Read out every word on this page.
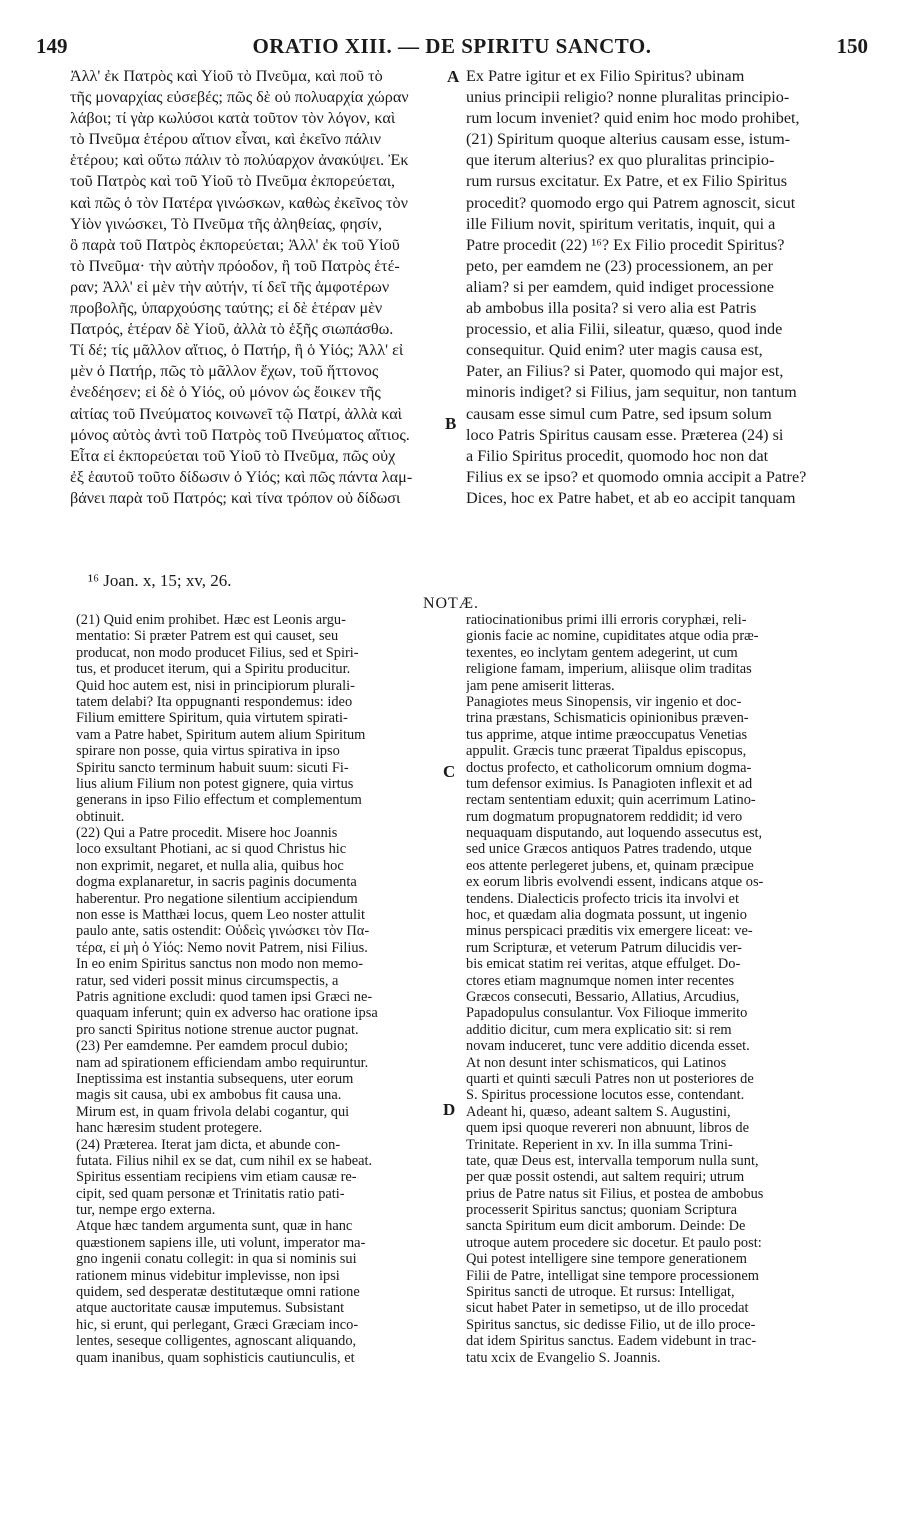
149	ORATIO XIII. — DE SPIRITU SANCTO.	150
Ἀλλ' ἐκ Πατρὸς καὶ Υἱοῦ τὸ Πνεῦμα, καὶ ποῦ τὸ
τῆς μοναρχίας εὐσεβές; πῶς δὲ οὐ πολυαρχία χώραν
λάβοι; τί γὰρ κωλύσοι κατὰ τοῦτον τὸν λόγον, καὶ
τὸ Πνεῦμα ἑτέρου αἴτιον εἶναι, καὶ ἐκεῖνο πάλιν
ἑτέρου; καὶ οὕτω πάλιν τὸ πολύαρχον ἀνακύψει. Ἐκ
τοῦ Πατρὸς καὶ τοῦ Υἱοῦ τὸ Πνεῦμα ἐκπορεύεται,
καὶ πῶς ὁ τὸν Πατέρα γινώσκων, καθὼς ἐκεῖνος τὸν
Υἱὸν γινώσκει, Τὸ Πνεῦμα τῆς ἀληθείας, φησίν,
ὃ παρὰ τοῦ Πατρὸς ἐκπορεύεται; Ἀλλ' ἐκ τοῦ Υἱοῦ
τὸ Πνεῦμα· τὴν αὐτὴν πρόοδον, ἢ τοῦ Πατρὸς ἑτέ-
ραν; Ἀλλ' εἰ μὲν τὴν αὐτήν, τί δεῖ τῆς ἀμφοτέρων
προβολῆς, ὑπαρχούσης ταύτης; εἰ δὲ ἑτέραν μὲν
Πατρός, ἑτέραν δὲ Υἱοῦ, ἀλλὰ τὸ ἑξῆς σιωπάσθω.
Τί δέ; τίς μᾶλλον αἴτιος, ὁ Πατήρ, ἢ ὁ Υἱός; Ἀλλ' εἰ
μὲν ὁ Πατήρ, πῶς τὸ μᾶλλον ἔχων, τοῦ ἥττονος
ἐνεδέησεν; εἰ δὲ ὁ Υἱός, οὐ μόνον ὡς ἔοικεν τῆς
αἰτίας τοῦ Πνεύματος κοινωνεῖ τῷ Πατρί, ἀλλὰ καὶ
μόνος αὐτὸς ἀντὶ τοῦ Πατρὸς τοῦ Πνεύματος αἴτιος.
Εἶτα εἰ ἐκπορεύεται τοῦ Υἱοῦ τὸ Πνεῦμα, πῶς οὐχ
ἐξ ἑαυτοῦ τοῦτο δίδωσιν ὁ Υἱός; καὶ πῶς πάντα λαμ-
βάνει παρὰ τοῦ Πατρός; καὶ τίνα τρόπον οὐ δίδωσι
Ex Patre igitur et ex Filio Spiritus? ubinam
unius principii religio? nonne pluralitas principio-
rum locum inveniet? quid enim hoc modo prohibet,
(21) Spiritum quoque alterius causam esse, istum-
que iterum alterius? ex quo pluralitas principio-
rum rursus excitatur. Ex Patre, et ex Filio Spiritus
procedit? quomodo ergo qui Patrem agnoscit, sicut
ille Filium novit, spiritum veritatis, inquit, qui a
Patre procedit (22) ¹⁶? Ex Filio procedit Spiritus?
peto, per eamdem ne (23) processionem, an per
aliam? si per eamdem, quid indiget processione
ab ambobus illa posita? si vero alia est Patris
processio, et alia Filii, sileatur, quæso, quod inde
consequitur. Quid enim? uter magis causa est,
Pater, an Filius? si Pater, quomodo qui major est,
minoris indiget? si Filius, jam sequitur, non tantum
causam esse simul cum Patre, sed ipsum solum
loco Patris Spiritus causam esse. Præterea (24) si
a Filio Spiritus procedit, quomodo hoc non dat
Filius ex se ipso? et quomodo omnia accipit a Patre?
Dices, hoc ex Patre habet, et ab eo accipit tanquam
A
B
C
D
¹⁶ Joan. x, 15; xv, 26.
NOTÆ.
(21) Quid enim prohibet. Hæc est Leonis argu-
mentatio: Si præter Patrem est qui causet, seu
producat, non modo producet Filius, sed et Spiri-
tus, et producet iterum, qui a Spiritu producitur.
Quid hoc autem est, nisi in principiorum plurali-
tatem delabi? Ita oppugnanti respondemus: ideo
Filium emittere Spiritum, quia virtutem spirati-
vam a Patre habet, Spiritum autem alium Spiritum
spirare non posse, quia virtus spirativa in ipso
Spiritu sancto terminum habuit suum: sicuti Fi-
lius alium Filium non potest gignere, quia virtus
generans in ipso Filio effectum et complementum
obtinuit.
(22) Qui a Patre procedit. Misere hoc Joannis
loco exsultant Photiani, ac si quod Christus hic
non exprimit, negaret, et nulla alia, quibus hoc
dogma explanaretur, in sacris paginis documenta
haberentur. Pro negatione silentium accipiendum
non esse is Matthæi locus, quem Leo noster attulit
paulo ante, satis ostendit: Οὐδεὶς γινώσκει τὸν Πα-
τέρα, εἰ μὴ ὁ Υἱός: Nemo novit Patrem, nisi Filius.
In eo enim Spiritus sanctus non modo non memo-
ratur, sed videri possit minus circumspectis, a
Patris agnitione excludi: quod tamen ipsi Græci ne-
quaquam inferunt; quin ex adverso hac oratione ipsa
pro sancti Spiritus notione strenue auctor pugnat.
(23) Per eamdemne. Per eamdem procul dubio;
nam ad spirationem efficiendam ambo requiruntur.
Ineptissima est instantia subsequens, uter eorum
magis sit causa, ubi ex ambobus fit causa una.
Mirum est, in quam frivola delabi cogantur, qui
hanc hæresim student protegere.
(24) Præterea. Iterat jam dicta, et abunde con-
futata. Filius nihil ex se dat, cum nihil ex se habeat.
Spiritus essentiam recipiens vim etiam causæ re-
cipit, sed quam personæ et Trinitatis ratio pati-
tur, nempe ergo externa.
Atque hæc tandem argumenta sunt, quæ in hanc
quæstionem sapiens ille, uti volunt, imperator ma-
gno ingenii conatu collegit: in qua si nominis sui
rationem minus videbitur implevisse, non ipsi
quidem, sed desperatæ destitutæque omni ratione
atque auctoritate causæ imputemus. Subsistant
hic, si erunt, qui perlegant, Græci Græciam inco-
lentes, seseque colligentes, agnoscant aliquando,
quam inanibus, quam sophisticis cautiunculis, et
ratiocinationibus primi illi erroris coryphæi, reli-
gionis facie ac nomine, cupiditates atque odia præ-
texentes, eo inclytam gentem adegerint, ut cum
religione famam, imperium, aliisque olim traditas
jam pene amiserit litteras.
Panagiotes meus Sinopensis, vir ingenio et doc-
trina præstans, Schismaticis opinionibus præven-
tus apprime, atque intime præoccupatus Venetias
appulit. Græcis tunc præerat Tipaldus episcopus,
doctus profecto, et catholicorum omnium dogma-
tum defensor eximius. Is Panagioten inflexit et ad
rectam sententiam eduxit; quin acerrimum Latino-
rum dogmatum propugnatorem reddidit; id vero
nequaquam disputando, aut loquendo assecutus est,
sed unice Græcos antiquos Patres tradendo, utque
eos attente perlegeret jubens, et, quinam præcipue
ex eorum libris evolvendi essent, indicans atque os-
tendens. Dialecticis profecto tricis ita involvi et
hoc, et quædam alia dogmata possunt, ut ingenio
minus perspicaci præditis vix emergere liceat: ve-
rum Scripturæ, et veterum Patrum dilucidis ver-
bis emicat statim rei veritas, atque effulget. Do-
ctores etiam magnumque nomen inter recentes
Græcos consecuti, Bessario, Allatius, Arcudius,
Papadopulus consulantur. Vox Filioque immerito
additio dicitur, cum mera explicatio sit: si rem
novam induceret, tunc vere additio dicenda esset.
At non desunt inter schismaticos, qui Latinos
quarti et quinti sæculi Patres non ut posteriores de
S. Spiritus processione locutos esse, contendant.
Adeant hi, quæso, adeant saltem S. Augustini,
quem ipsi quoque revereri non abnuunt, libros de
Trinitate. Reperient in xv. In illa summa Trini-
tate, quæ Deus est, intervalla temporum nulla sunt,
per quæ possit ostendi, aut saltem requiri; utrum
prius de Patre natus sit Filius, et postea de ambobus
processerit Spiritus sanctus; quoniam Scriptura
sancta Spiritum eum dicit amborum. Deinde: De
utroque autem procedere sic docetur. Et paulo post:
Qui potest intelligere sine tempore generationem
Filii de Patre, intelligat sine tempore processionem
Spiritus sancti de utroque. Et rursus: Intelligat,
sicut habet Pater in semetipso, ut de illo procedat
Spiritus sanctus, sic dedisse Filio, ut de illo proce-
dat idem Spiritus sanctus. Eadem videbunt in trac-
tatu xcix de Evangelio S. Joannis.
